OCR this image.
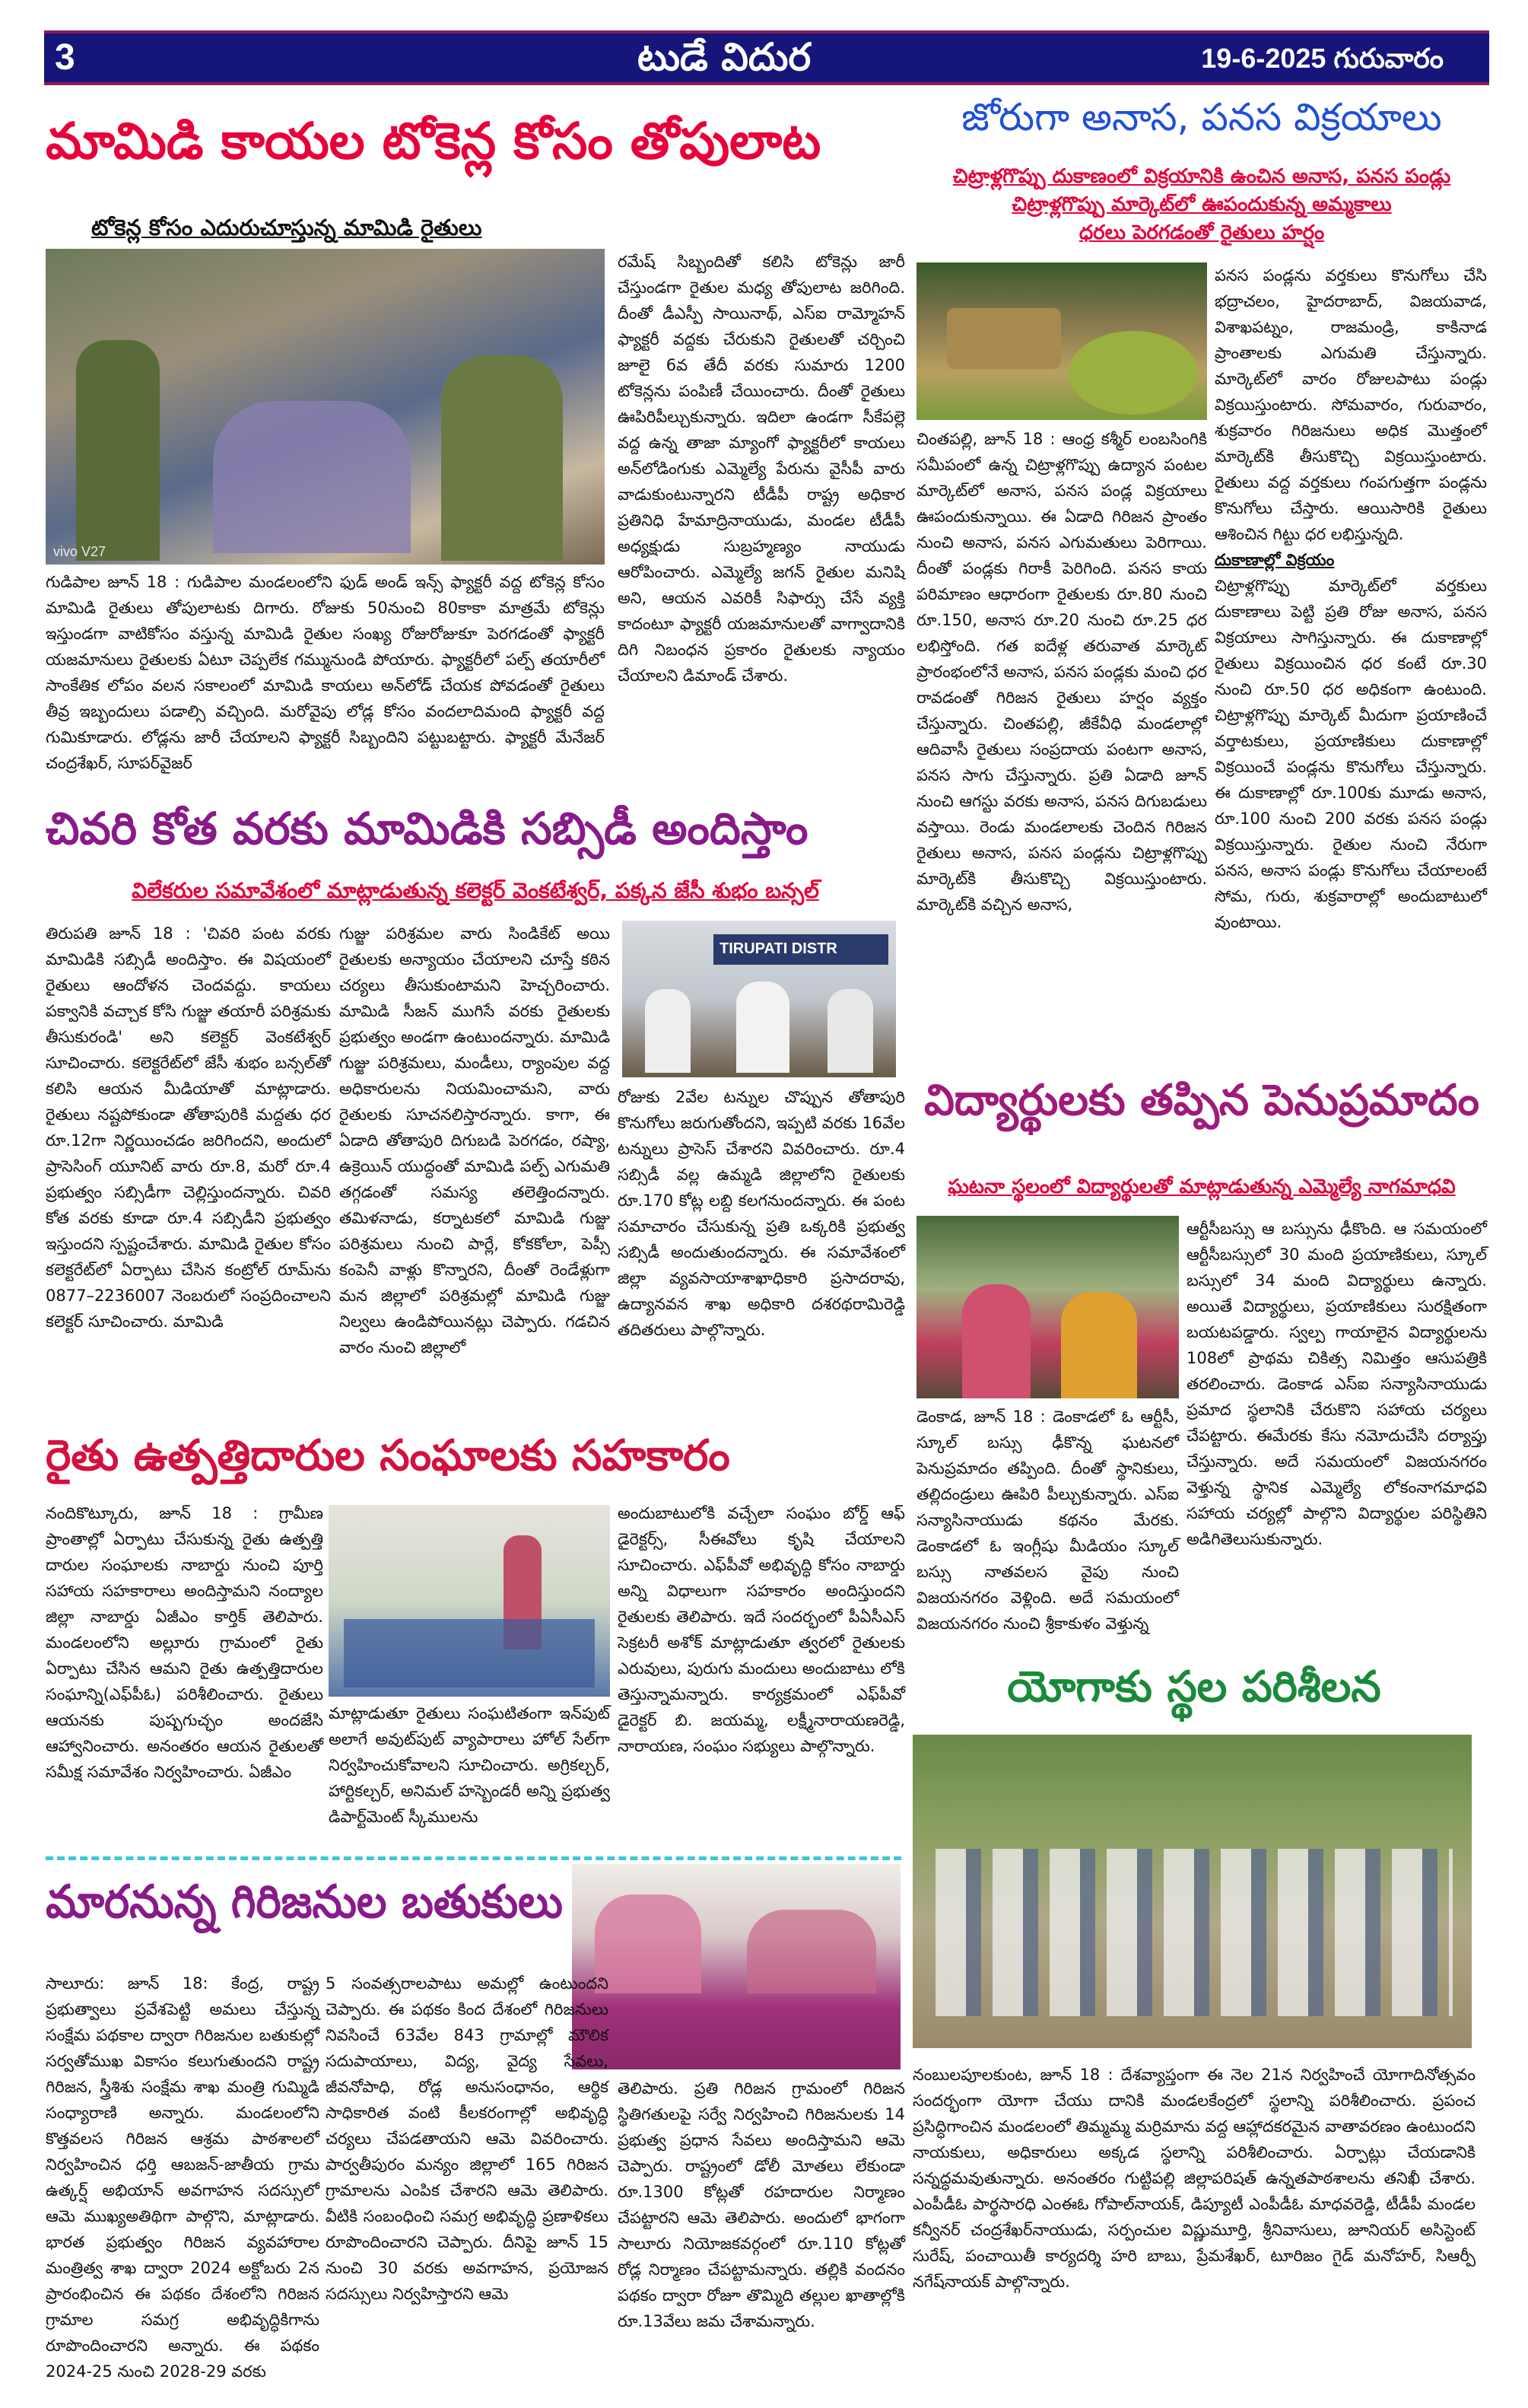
3	టుడే విదుర	19-6-2025 గురువారం
మామిడి కాయల టోకెన్ల కోసం తోపులాట
టోకెన్ల కోసం ఎదురుచూస్తున్న మామిడి రైతులు
vivo V27
గుడిపాల జూన్ 18 : గుడిపాల మండలంలోని ఫుడ్ అండ్ ఇన్స్ ఫ్యాక్టరీ వద్ద టోకెన్ల కోసం మామిడి రైతులు తోపులాటకు దిగారు. రోజుకు 50నుంచి 80కాకా మాత్రమే టోకెన్లు ఇస్తుండగా వాటికోసం వస్తున్న మామిడి రైతుల సంఖ్య రోజురోజుకూ పెరగడంతో ఫ్యాక్టరీ యజమానులు రైతులకు ఏటూ చెప్పలేక గమ్మునుండి పోయారు. ఫ్యాక్టరీలో పల్ప్ తయారీలో సాంకేతిక లోపం వలన సకాలంలో మామిడి కాయలు అన్‌లోడ్ చేయక పోవడంతో రైతులు తీవ్ర ఇబ్బందులు పడాల్సి వచ్చింది. మరోవైపు లోడ్ల కోసం వందలాదిమంది ఫ్యాక్టరీ వద్ద గుమికూడారు. లోడ్లను జారీ చేయాలని ఫ్యాక్టరీ సిబ్బందిని పట్టుబట్టారు. ఫ్యాక్టరీ మేనేజర్ చంద్రశేఖర్, సూపర్‌వైజర్
రమేష్ సిబ్బందితో కలిసి టోకెన్లు జారీ చేస్తుండగా రైతుల మధ్య తోపులాట జరిగింది. దీంతో డీఎస్పీ సాయినాథ్, ఎస్ఐ రామ్మోహన్ ఫ్యాక్టరీ వద్దకు చేరుకుని రైతులతో చర్చించి జూలై 6వ తేదీ వరకు సుమారు 1200 టోకెన్లను పంపిణీ చేయించారు. దీంతో రైతులు ఊపిరిపీల్చుకున్నారు. ఇదిలా ఉండగా సీకేపల్లె వద్ద ఉన్న తాజా మ్యాంగో ఫ్యాక్టరీలో కాయలు అన్‌లోడింగుకు ఎమ్మెల్యే పేరును వైసీపీ వారు వాడుకుంటున్నారని టీడీపీ రాష్ట్ర అధికార ప్రతినిధి హేమాద్రినాయుడు, మండల టీడీపీ అధ్యక్షుడు సుబ్రహ్మణ్యం నాయుడు ఆరోపించారు. ఎమ్మెల్యే జగన్ రైతుల మనిషి అని, ఆయన ఎవరికీ సిఫార్సు చేసే వ్యక్తి కాదంటూ ఫ్యాక్టరీ యజమానులతో వాగ్వాదానికి దిగి నిబంధన ప్రకారం రైతులకు న్యాయం చేయాలని డిమాండ్ చేశారు.
చివరి కోత వరకు మామిడికి సబ్సిడీ అందిస్తాం
విలేకరుల సమావేశంలో మాట్లాడుతున్న కలెక్టర్ వెంకటేశ్వర్, పక్కన జేసీ శుభం బన్సల్
తిరుపతి జూన్ 18 : 'చివరి పంట వరకు మామిడికి సబ్సిడీ అందిస్తాం. ఈ విషయంలో రైతులు ఆందోళన చెందవద్దు. కాయలు పక్వానికి వచ్చాక కోసి గుజ్జు తయారీ పరిశ్రమకు తీసుకురండి' అని కలెక్టర్ వెంకటేశ్వర్ సూచించారు. కలెక్టరేట్‌లో జేసీ శుభం బన్సల్‌తో కలిసి ఆయన మీడియాతో మాట్లాడారు. రైతులు నష్టపోకుండా తోతాపురికి మద్దతు ధర రూ.12గా నిర్ణయించడం జరిగిందని, అందులో ప్రాసెసింగ్ యూనిట్ వారు రూ.8, మరో రూ.4 ప్రభుత్వం సబ్సిడీగా చెల్లిస్తుందన్నారు. చివరి కోత వరకు కూడా రూ.4 సబ్సిడీని ప్రభుత్వం ఇస్తుందని స్పష్టంచేశారు. మామిడి రైతుల కోసం కలెక్టరేట్‌లో ఏర్పాటు చేసిన కంట్రోల్ రూమ్‌ను 0877–2236007 నెంబరులో సంప్రదించాలని కలెక్టర్ సూచించారు. మామిడి
గుజ్జు పరిశ్రమల వారు సిండికేట్ అయి రైతులకు అన్యాయం చేయాలని చూస్తే కఠిన చర్యలు తీసుకుంటామని హెచ్చరించారు. మామిడి సీజన్ ముగిసే వరకు రైతులకు ప్రభుత్వం అండగా ఉంటుందన్నారు. మామిడి గుజ్జు పరిశ్రమలు, మండీలు, ర్యాంపుల వద్ద అధికారులను నియమించామని, వారు రైతులకు సూచనలిస్తారన్నారు. కాగా, ఈ ఏడాది తోతాపురి దిగుబడి పెరగడం, రష్యా, ఉక్రెయిన్ యుద్ధంతో మామిడి పల్ప్ ఎగుమతి తగ్గడంతో సమస్య తలెత్తిందన్నారు. తమిళనాడు, కర్నాటకలో మామిడి గుజ్జు పరిశ్రమలు నుంచి పార్లే, కోకకోలా, పెప్సీ కంపెనీ వాళ్లు కొన్నారని, దీంతో రెండేళ్లుగా మన జిల్లాలో పరిశ్రమల్లో మామిడి గుజ్జు నిల్వలు ఉండిపోయినట్లు చెప్పారు. గడచిన వారం నుంచి జిల్లాలో
TIRUPATI DISTR
రోజుకు 2వేల టన్నుల చొప్పున తోతాపురి కొనుగోలు జరుగుతోందని, ఇప్పటి వరకు 16వేల టన్నులు ప్రాసెస్ చేశారని వివరించారు. రూ.4 సబ్సిడీ వల్ల ఉమ్మడి జిల్లాలోని రైతులకు రూ.170 కోట్ల లబ్ది కలగనుందన్నారు. ఈ పంట సమాచారం చేసుకున్న ప్రతి ఒక్కరికి ప్రభుత్వ సబ్సిడీ అందుతుందన్నారు. ఈ సమావేశంలో జిల్లా వ్యవసాయాశాఖాధికారి ప్రసాదరావు, ఉద్యానవన శాఖ అధికారి దశరథరామిరెడ్డి తదితరులు పాల్గొన్నారు.
రైతు ఉత్పత్తిదారుల సంఘాలకు సహకారం
నందికొట్కూరు, జూన్ 18 : గ్రామీణ ప్రాంతాల్లో ఏర్పాటు చేసుకున్న రైతు ఉత్పత్తి దారుల సంఘాలకు నాబార్డు నుంచి పూర్తి సహాయ సహకారాలు అందిస్తామని నంద్యాల జిల్లా నాబార్డు ఏజీఎం కార్తిక్ తెలిపారు. మండలంలోని అల్లూరు గ్రామంలో రైతు ఏర్పాటు చేసిన ఆమని రైతు ఉత్పత్తిదారుల సంఘాన్ని(ఎఫ్‌పీఓ) పరిశీలించారు. రైతులు ఆయనకు పుష్పగుచ్ఛం అందజేసి ఆహ్వానించారు. అనంతరం ఆయన రైతులతో సమీక్ష సమావేశం నిర్వహించారు. ఏజీఎం
మాట్లాడుతూ రైతులు సంఘటితంగా ఇన్‌పుట్ అలాగే అవుట్‌పుట్ వ్యాపారాలు హోల్ సేల్‌గా నిర్వహించుకోవాలని సూచించారు. అగ్రికల్చర్, హార్టికల్చర్, అనిమల్ హస్బెండరీ అన్ని ప్రభుత్వ డిపార్ట్‌మెంట్ స్కీములను
అందుబాటులోకి వచ్చేలా సంఘం బోర్డ్ ఆఫ్ డైరెక్టర్స్, సీఈవోలు కృషి చేయాలని సూచించారు. ఎఫ్‌పీవో అభివృద్ధి కోసం నాబార్డు అన్ని విధాలుగా సహకారం అందిస్తుందని రైతులకు తెలిపారు. ఇదే సందర్భంలో పీఏసీఎస్ సెక్రటరీ అశోక్ మాట్లాడుతూ త్వరలో రైతులకు ఎరువులు, పురుగు మందులు అందుబాటు లోకి తెస్తున్నామన్నారు. కార్యక్రమంలో ఎఫ్‌పీవో డైరెక్టర్ బి. జయమ్మ, లక్ష్మీనారాయణరెడ్డి, నారాయణ, సంఘం సభ్యులు పాల్గొన్నారు.
మారనున్న గిరిజనుల బతుకులు
సాలూరు: జూన్ 18: కేంద్ర, రాష్ట్ర ప్రభుత్వాలు ప్రవేశపెట్టి అమలు చేస్తున్న సంక్షేమ పథకాల ద్వారా గిరిజనుల బతుకుల్లో సర్వతోముఖ వికాసం కలుగుతుందని రాష్ట్ర గిరిజన, స్త్రీశిశు సంక్షేమ శాఖ మంత్రి గుమ్మిడి సంధ్యారాణి అన్నారు. మండలంలోని కొత్తవలస గిరిజన ఆశ్రమ పాఠశాలలో నిర్వహించిన ధర్తి ఆబజన్-జాతీయ గ్రామ ఉత్కర్ష్ అభియాన్ అవగాహన సదస్సులో ఆమె ముఖ్యఅతిథిగా పాల్గొని, మాట్లాడారు. భారత ప్రభుత్వం గిరిజన వ్యవహారాల మంత్రిత్వ శాఖ ద్వారా 2024 అక్టోబరు 2న ప్రారంభించిన ఈ పథకం దేశంలోని గిరిజన గ్రామాల సమగ్ర అభివృద్ధికిగాను రూపొందించారని అన్నారు. ఈ పథకం 2024-25 నుంచి 2028-29 వరకు
5 సంవత్సరాలపాటు అమల్లో ఉంటుందని చెప్పారు. ఈ పథకం కింద దేశంలో గిరిజనులు నివసించే 63వేల 843 గ్రామాల్లో మౌలిక సదుపాయాలు, విద్య, వైద్య సేవలు, జీవనోపాధి, రోడ్ల అనుసంధానం, ఆర్థిక సాధికారిత వంటి కీలకరంగాల్లో అభివృద్ధి చర్యలు చేపడతాయని ఆమె వివరించారు. పార్వతీపురం మన్యం జిల్లాలో 165 గిరిజన గ్రామాలను ఎంపిక చేశారని ఆమె తెలిపారు. వీటికి సంబంధించి సమగ్ర అభివృద్ధి ప్రణాళికలు రూపొందించారని చెప్పారు. దీనిపై జూన్ 15 నుంచి 30 వరకు అవగాహన, ప్రయోజన సదస్సులు నిర్వహిస్తారని ఆమె
తెలిపారు. ప్రతి గిరిజన గ్రామంలో గిరిజన స్థితిగతులపై సర్వే నిర్వహించి గిరిజనులకు 14 ప్రభుత్వ ప్రధాన సేవలు అందిస్తామని ఆమె చెప్పారు. రాష్ట్రంలో డోలీ మోతలు లేకుండా రూ.1300 కోట్లతో రహదారుల నిర్మాణం చేపట్టారని ఆమె తెలిపారు. అందులో భాగంగా సాలూరు నియోజకవర్గంలో రూ.110 కోట్లతో రోడ్ల నిర్మాణం చేపట్టామన్నారు. తల్లికి వందనం పథకం ద్వారా రోజూ తొమ్మిది తల్లుల ఖాతాల్లోకి రూ.13వేలు జమ చేశామన్నారు.
జోరుగా అనాస, పనస విక్రయాలు
చిట్రాళ్లగొప్పు దుకాణంలో విక్రయానికి ఉంచిన అనాస, పనస పండ్లు
చిట్రాళ్లగొప్పు మార్కెట్‌లో ఊపందుకున్న అమ్మకాలు
ధరలు పెరగడంతో రైతులు హర్షం
చింతపల్లి, జూన్ 18 : ఆంధ్ర కశ్మీర్ లంబసింగికి సమీపంలో ఉన్న చిట్రాళ్లగొప్పు ఉద్యాన పంటల మార్కెట్‌లో అనాస, పనస పండ్ల విక్రయాలు ఊపందుకున్నాయి. ఈ ఏడాది గిరిజన ప్రాంతం నుంచి అనాస, పనస ఎగుమతులు పెరిగాయి. దీంతో పండ్లకు గిరాకీ పెరిగింది. పనస కాయ పరిమాణం ఆధారంగా రైతులకు రూ.80 నుంచి రూ.150, అనాస రూ.20 నుంచి రూ.25 ధర లభిస్తోంది. గత ఐదేళ్ల తరువాత మార్కెట్ ప్రారంభంలోనే అనాస, పనస పండ్లకు మంచి ధర రావడంతో గిరిజన రైతులు హర్షం వ్యక్తం చేస్తున్నారు. చింతపల్లి, జీకేవీధి మండలాల్లో ఆదివాసీ రైతులు సంప్రదాయ పంటగా అనాస, పనస సాగు చేస్తున్నారు. ప్రతి ఏడాది జూన్ నుంచి ఆగస్టు వరకు అనాస, పనస దిగుబడులు వస్తాయి. రెండు మండలాలకు చెందిన గిరిజన రైతులు అనాస, పనస పండ్లను చిట్రాళ్లగొప్పు మార్కెట్‌కి తీసుకొచ్చి విక్రయిస్తుంటారు. మార్కెట్‌కి వచ్చిన అనాస,
పనస పండ్లను వర్తకులు కొనుగోలు చేసి భద్రాచలం, హైదరాబాద్, విజయవాడ, విశాఖపట్నం, రాజమండ్రి, కాకినాడ ప్రాంతాలకు ఎగుమతి చేస్తున్నారు. మార్కెట్‌లో వారం రోజులపాటు పండ్లు విక్రయిస్తుంటారు. సోమవారం, గురువారం, శుక్రవారం గిరిజనులు అధిక మొత్తంలో మార్కెట్‌కి తీసుకొచ్చి విక్రయిస్తుంటారు. రైతులు వద్ద వర్తకులు గంపగుత్తగా పండ్లను కొనుగోలు చేస్తారు. ఆయిసారికి రైతులు ఆశించిన గిట్టు ధర లభిస్తున్నది.
దుకాణాల్లో విక్రయం
చిట్రాళ్లగొప్పు మార్కెట్‌లో వర్తకులు దుకాణాలు పెట్టి ప్రతి రోజు అనాస, పనస విక్రయాలు సాగిస్తున్నారు. ఈ దుకాణాల్లో రైతులు విక్రయించిన ధర కంటే రూ.30 నుంచి రూ.50 ధర అధికంగా ఉంటుంది. చిట్రాళ్లగొప్పు మార్కెట్ మీదుగా ప్రయాణించే వర్తాటకులు, ప్రయాణికులు దుకాణాల్లో విక్రయించే పండ్లను కొనుగోలు చేస్తున్నారు. ఈ దుకాణాల్లో రూ.100కు మూడు అనాస, రూ.100 నుంచి 200 వరకు పనస పండ్లు విక్రయిస్తున్నారు. రైతుల నుంచి నేరుగా పనస, అనాస పండ్లు కొనుగోలు చేయాలంటే సోమ, గురు, శుక్రవారాల్లో అందుబాటులో వుంటాయి.
విద్యార్థులకు తప్పిన పెనుప్రమాదం
ఘటనా స్థలంలో విద్యార్థులతో మాట్లాడుతున్న ఎమ్మెల్యే నాగమాధవి
డెంకాడ, జూన్ 18 : డెంకాడలో ఓ ఆర్టీసీ, స్కూల్ బస్సు ఢీకొన్న ఘటనలో పెనుప్రమాదం తప్పింది. దీంతో స్థానికులు, తల్లిదండ్రులు ఊపిరి పీల్చుకున్నారు. ఎస్ఐ సన్యాసినాయుడు కథనం మేరకు. డెంకాడలో ఓ ఇంగ్లీషు మీడియం స్కూల్ బస్సు నాతవలస వైపు నుంచి విజయనగరం వెళ్లింది. అదే సమయంలో విజయనగరం నుంచి శ్రీకాకుళం వెళ్తున్న
ఆర్టీసీబస్సు ఆ బస్సును ఢీకొంది. ఆ సమయంలో ఆర్టీసీబస్సులో 30 మంది ప్రయాణికులు, స్కూల్ బస్సులో 34 మంది విద్యార్థులు ఉన్నారు. అయితే విద్యార్థులు, ప్రయాణికులు సురక్షితంగా బయటపడ్డారు. స్వల్ప గాయాలైన విద్యార్థులను 108లో ప్రాథమ చికిత్స నిమిత్తం ఆసుపత్రికి తరలించారు. డెంకాడ ఎస్ఐ సన్యాసినాయుడు ప్రమాద స్థలానికి చేరుకొని సహాయ చర్యలు చేపట్టారు. ఈమేరకు కేసు నమోదుచేసి దర్యాప్తు చేస్తున్నారు. అదే సమయంలో విజయనగరం వెళ్తున్న స్థానిక ఎమ్మెల్యే లోకంనాగమాధవి సహాయ చర్యల్లో పాల్గొని విద్యార్థుల పరిస్థితిని అడిగితెలుసుకున్నారు.
యోగాకు స్థల పరిశీలన
నంబులపూలకుంట, జూన్ 18 : దేశవ్యాప్తంగా ఈ నెల 21న నిర్వహించే యోగాదినోత్సవం సందర్భంగా యోగా చేయు దానికి మండలకేంద్రలో స్థలాన్ని పరిశీలించారు. ప్రపంచ ప్రసిద్ధిగాంచిన మండలంలో తిమ్మమ్మ మర్రిమాను వద్ద ఆహ్లాదకరమైన వాతావరణం ఉంటుందని నాయకులు, అధికారులు అక్కడ స్థలాన్ని పరిశీలించారు. ఏర్పాట్లు చేయడానికి సన్నద్ధమవుతున్నారు. అనంతరం గుట్టిపల్లి జిల్లాపరిషత్ ఉన్నతపాఠశాలను తనిఖీ చేశారు. ఎంపీడీఓ పార్థసారధి ఎంఈఓ గోపాల్‌నాయక్, డిప్యూటీ ఎంపీడీఓ మాధవరెడ్డి, టీడీపీ మండల కన్వీనర్ చంద్రశేఖర్‌నాయుడు, సర్పంచుల విష్ణుమూర్తి, శ్రీనివాసులు, జూనియర్ అసిస్టెంట్ సురేష్, పంచాయితీ కార్యదర్శి హరి బాబు, ప్రేమశేఖర్, టూరిజం గైడ్ మనోహర్, సిఆర్పీ నగేష్‌నాయక్ పాల్గొన్నారు.
